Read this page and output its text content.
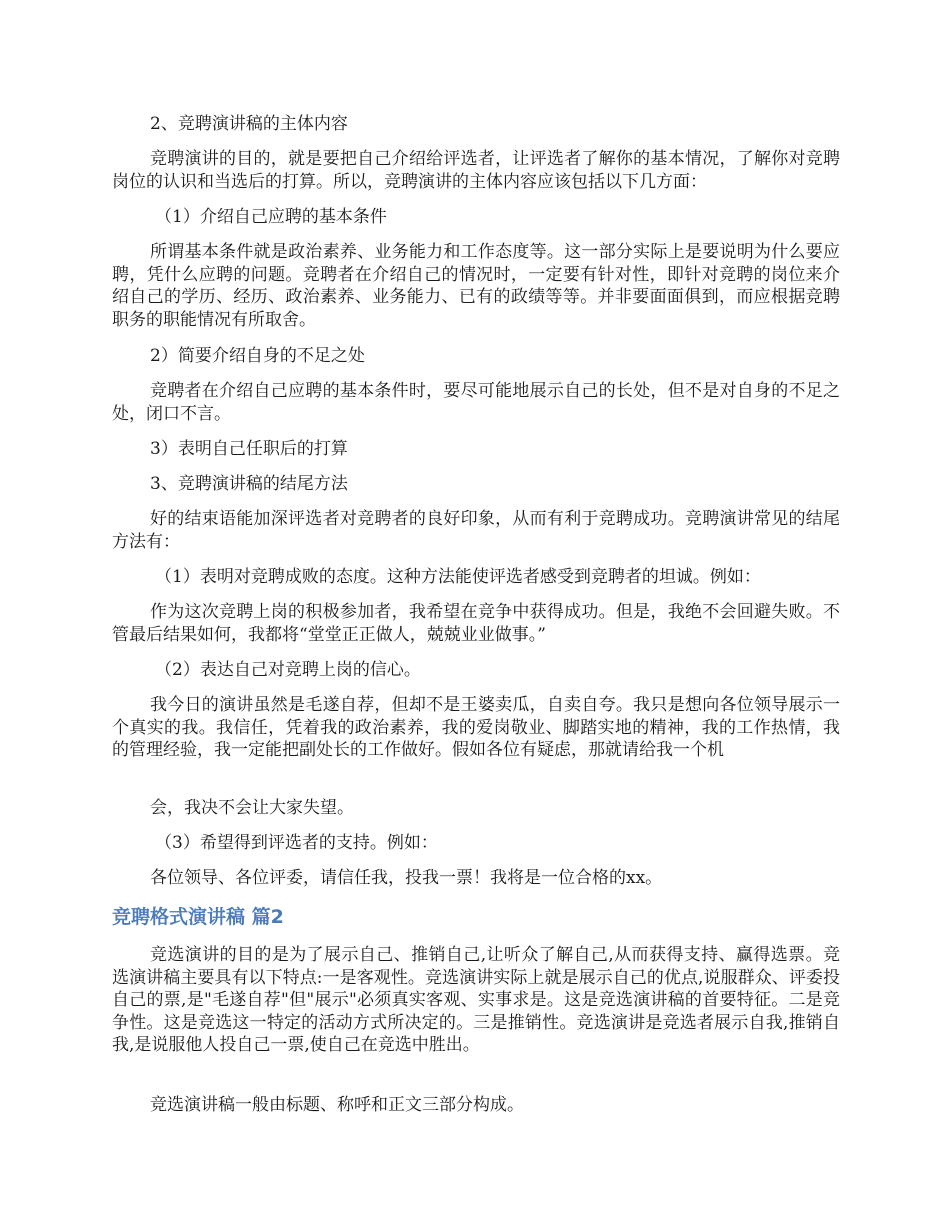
2、竞聘演讲稿的主体内容

竞聘演讲的目的，就是要把自己介绍给评选者，让评选者了解你的基本情况，了解你对竞聘岗位的认识和当选后的打算。所以，竞聘演讲的主体内容应该包括以下几方面：

（1）介绍自己应聘的基本条件

所谓基本条件就是政治素养、业务能力和工作态度等。这一部分实际上是要说明为什么要应聘，凭什么应聘的问题。竞聘者在介绍自己的情况时，一定要有针对性，即针对竞聘的岗位来介绍自己的学历、经历、政治素养、业务能力、已有的政绩等等。并非要面面俱到，而应根据竞聘职务的职能情况有所取舍。

2）简要介绍自身的不足之处

竞聘者在介绍自己应聘的基本条件时，要尽可能地展示自己的长处，但不是对自身的不足之处，闭口不言。

3）表明自己任职后的打算

3、竞聘演讲稿的结尾方法

好的结束语能加深评选者对竞聘者的良好印象，从而有利于竞聘成功。竞聘演讲常见的结尾方法有：

（1）表明对竞聘成败的态度。这种方法能使评选者感受到竞聘者的坦诚。例如：

作为这次竞聘上岗的积极参加者，我希望在竞争中获得成功。但是，我绝不会回避失败。不管最后结果如何，我都将“堂堂正正做人，兢兢业业做事。”

（2）表达自己对竞聘上岗的信心。

我今日的演讲虽然是毛遂自荐，但却不是王婆卖瓜，自卖自夸。我只是想向各位领导展示一个真实的我。我信任，凭着我的政治素养，我的爱岗敬业、脚踏实地的精神，我的工作热情，我的管理经验，我一定能把副处长的工作做好。假如各位有疑虑，那就请给我一个机

会，我决不会让大家失望。

（3）希望得到评选者的支持。例如：

各位领导、各位评委，请信任我，投我一票！我将是一位合格的xx。

竞聘格式演讲稿 篇2

竞选演讲的目的是为了展示自己、推销自己,让听众了解自己,从而获得支持、赢得选票。竞选演讲稿主要具有以下特点:一是客观性。竞选演讲实际上就是展示自己的优点,说服群众、评委投自己的票,是"毛遂自荐"但"展示"必须真实客观、实事求是。这是竞选演讲稿的首要特征。二是竞争性。这是竞选这一特定的活动方式所决定的。三是推销性。竞选演讲是竞选者展示自我,推销自我,是说服他人投自己一票,使自己在竞选中胜出。

竞选演讲稿一般由标题、称呼和正文三部分构成。
